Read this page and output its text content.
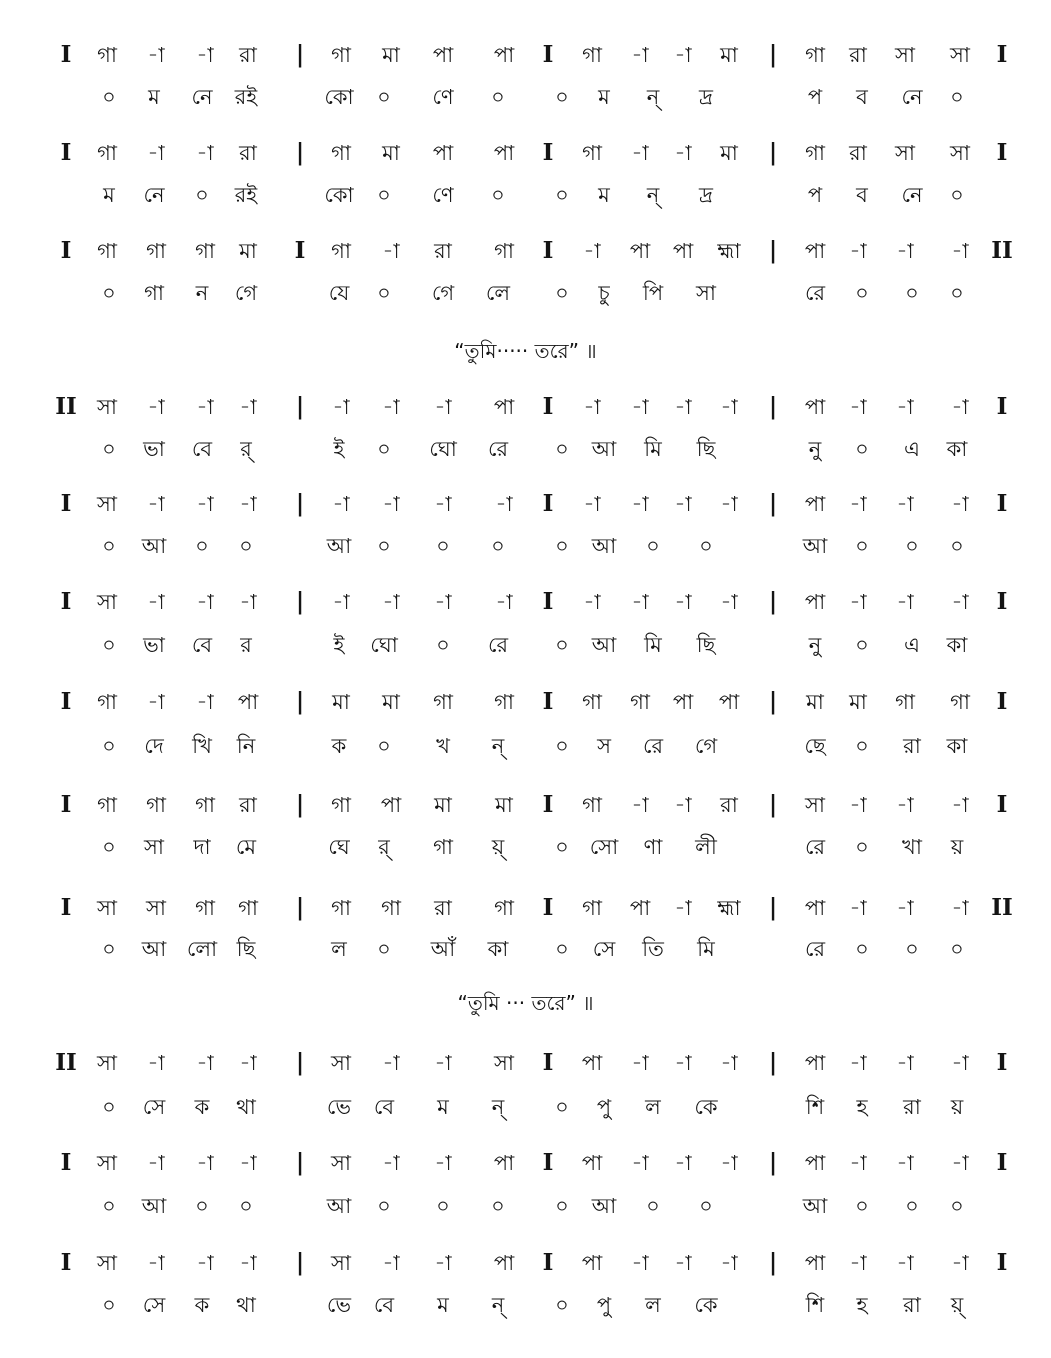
I গা -া -া রা | গা মা পা পা I গা -া -া মা | গা রা সা সা I
০ ম নে রই	কো ০ ণে ০ ০ ম ন্ দ্র	প ব নে ০
I গা -া -া রা | গা মা পা পা I গা -া -া মা | গা রা সা সা I
ম নে ০ রই	কো ০ ণে ০ ০ ম ন্ দ্র	প ব নে ০
I গা গা গা মা I গা -া রা গা I -া পা পা হ্মা | পা -া -া -া II
০ গা ন গে	যে ০ গে লে ০ চু পি সা	রে ০ ০ ০
“তুমি····· তরে” ॥
II সা -া -া -া | -া -া -া পা I -া -া -া -া | পা -া -া -া I
০ ভা বে র্	ই ০ ঘো রে ০ আ মি ছি	নু ০ এ কা
I সা -া -া -া | -া -া -া -া I -া -া -া -া | পা -া -া -া I
০ আ ০ ০	আ ০ ০ ০ ০ আ ০ ০	আ ০ ০ ০
I সা -া -া -া | -া -া -া -া I -া -া -া -া | পা -া -া -া I
০ ভা বে র	ই ঘো ০ রে ০ আ মি ছি	নু ০ এ কা
I গা -া -া পা | মা মা গা গা I গা গা পা পা | মা মা গা গা I
০ দে খি নি	ক ০ খ ন্ ০ স রে গে	ছে ০ রা কা
I গা গা গা রা | গা পা মা মা I গা -া -া রা | সা -া -া -া I
০ সা দা মে	ঘে র্ গা য়্ ০ সো ণা লী	রে ০ খা য়
I সা সা গা গা | গা গা রা গা I গা পা -া হ্মা | পা -া -া -া II
০ আ লো ছি	ল ০ আঁ কা ০ সে তি মি	রে ০ ০ ০
“তুমি ··· তরে” ॥
II সা -া -া -া | সা -া -া সা I পা -া -া -া | পা -া -া -া I
০ সে ক থা	ভে বে ম ন্ ০ পু ল কে	শি হ রা য়
I সা -া -া -া | সা -া -া পা I পা -া -া -া | পা -া -া -া I
০ আ ০ ০	আ ০ ০ ০ ০ আ ০ ০	আ ০ ০ ০
I সা -া -া -া | সা -া -া পা I পা -া -া -া | পা -া -া -া I
০ সে ক থা	ভে বে ম ন্ ০ পু ল কে	শি হ রা য়্
